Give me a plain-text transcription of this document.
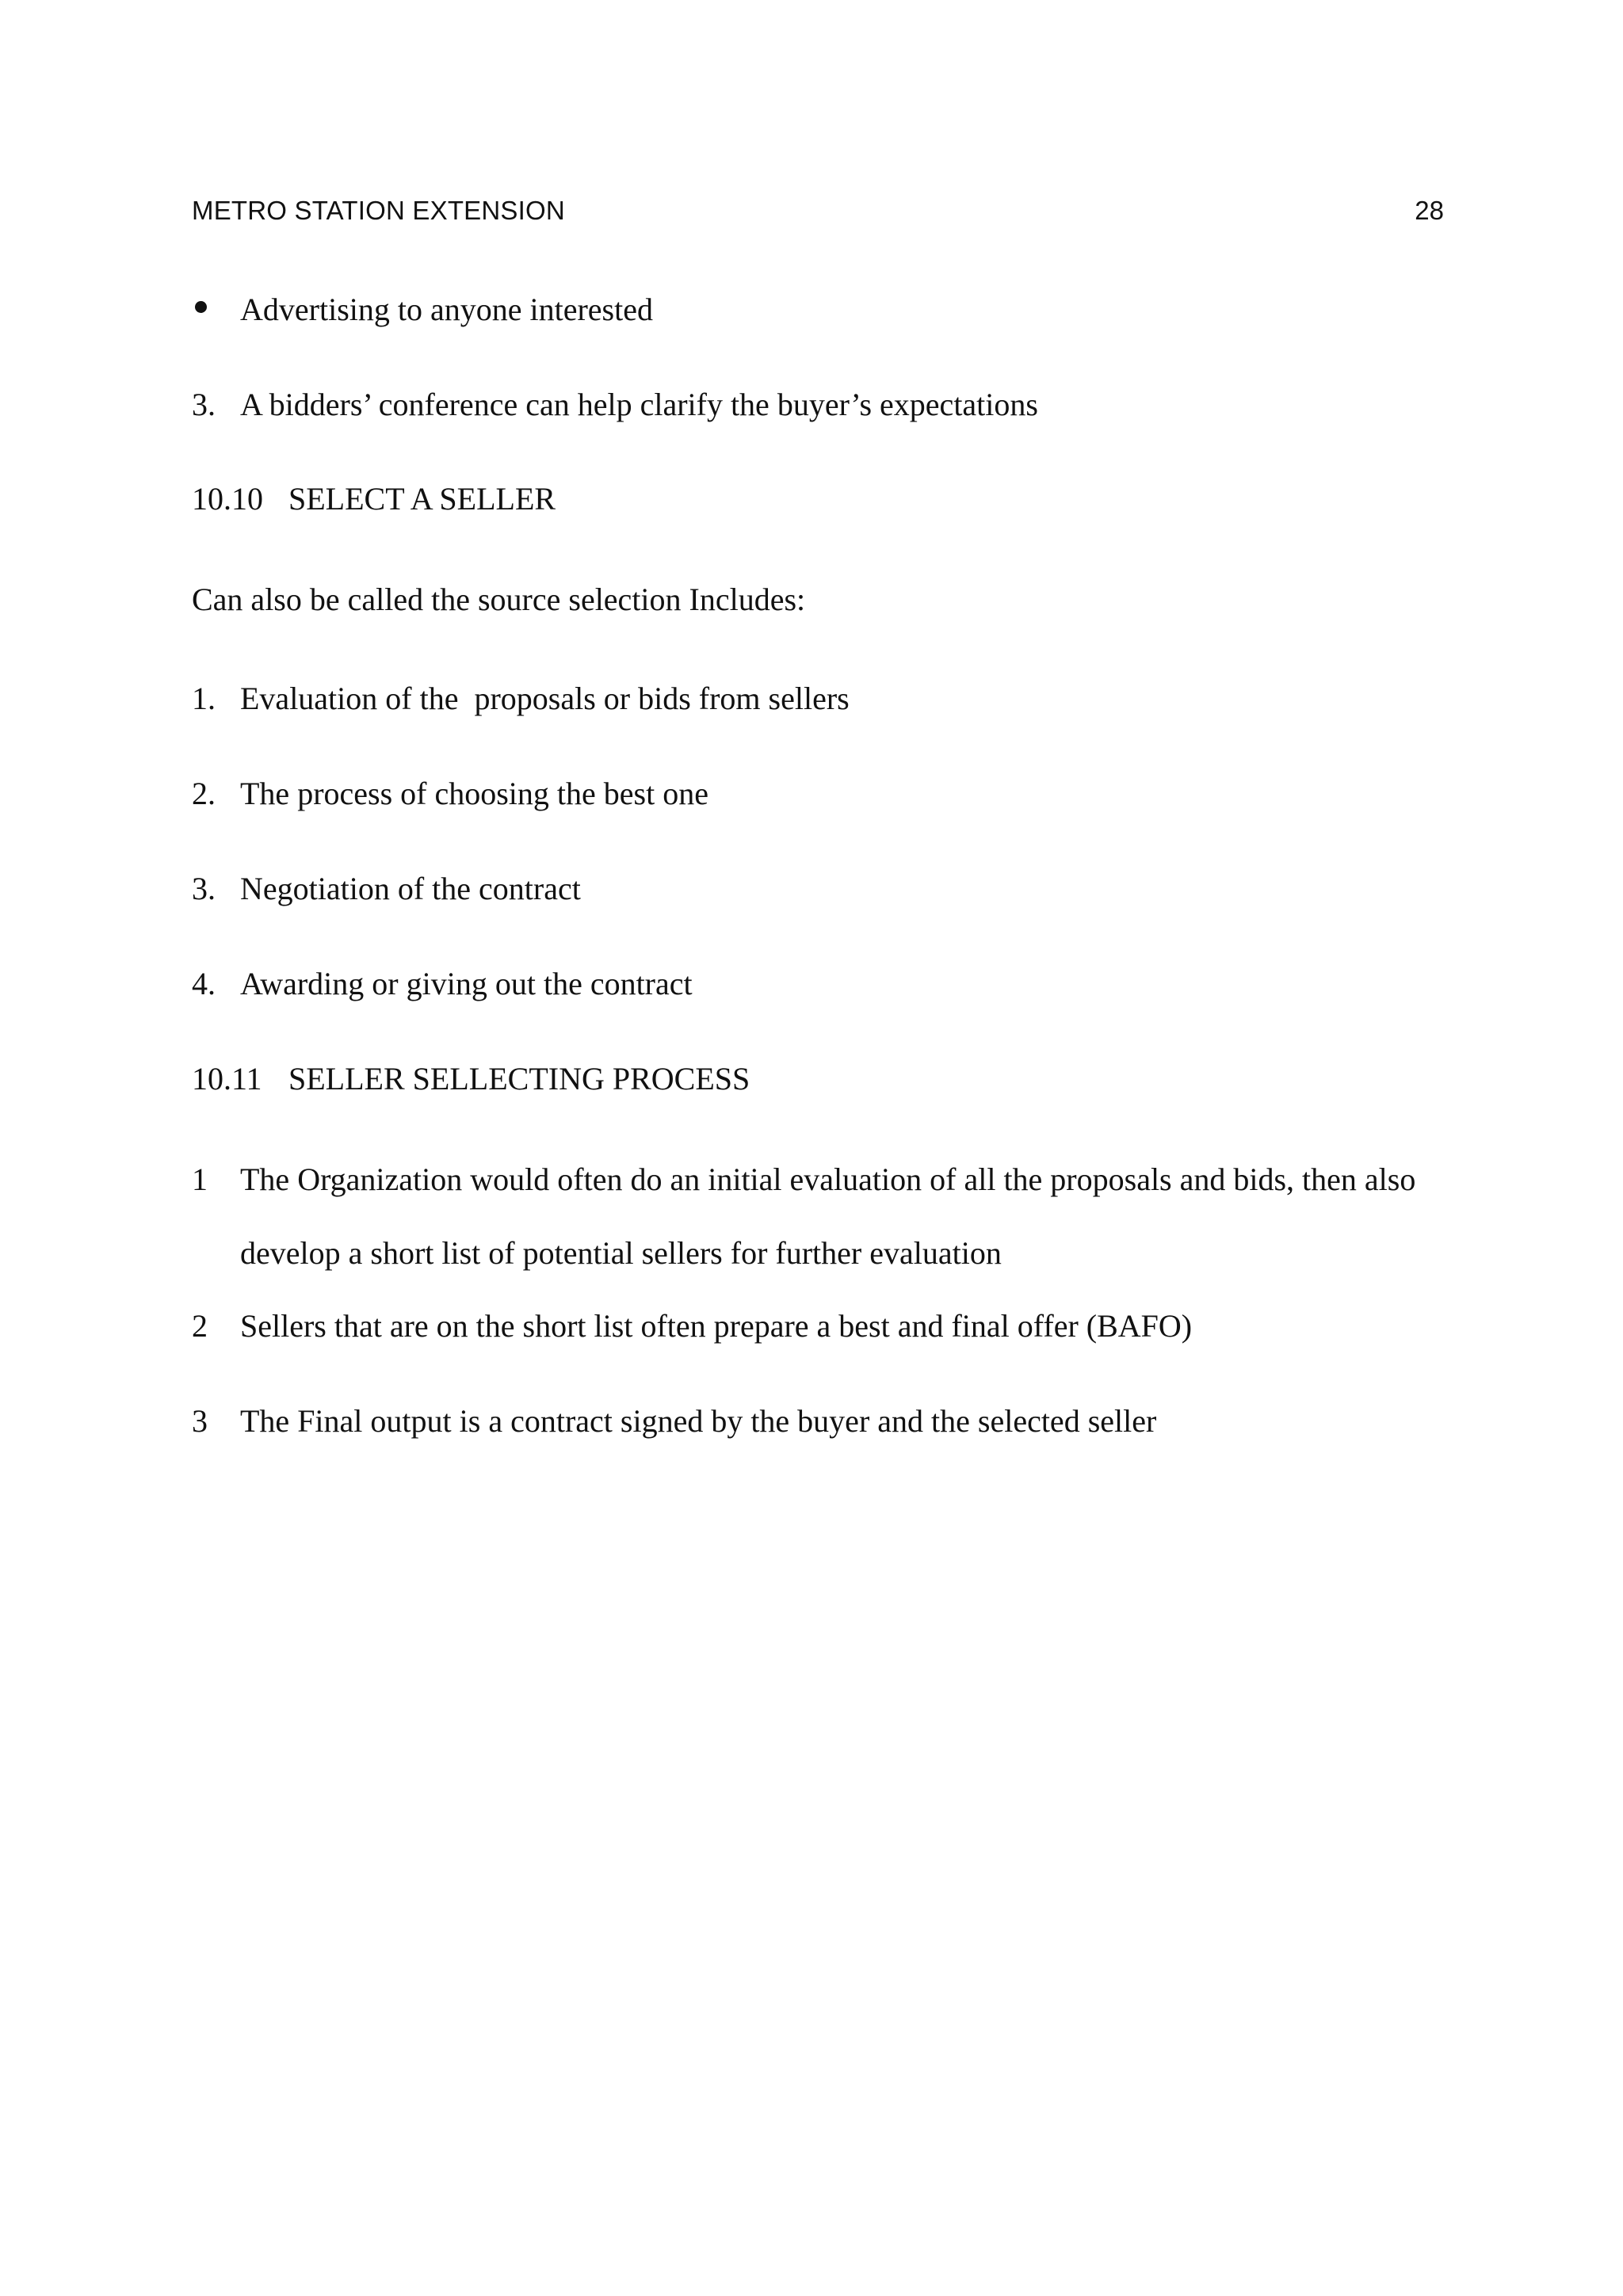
METRO STATION EXTENSION	28
Advertising to anyone interested
3. A bidders’ conference can help clarify the buyer’s expectations
10.10 SELECT A SELLER
Can also be called the source selection Includes:
1. Evaluation of the  proposals or bids from sellers
2. The process of choosing the best one
3. Negotiation of the contract
4. Awarding or giving out the contract
10.11 SELLER SELLECTING PROCESS
1	The Organization would often do an initial evaluation of all the proposals and bids, then also
develop a short list of potential sellers for further evaluation
2	Sellers that are on the short list often prepare a best and final offer (BAFO)
3	The Final output is a contract signed by the buyer and the selected seller
